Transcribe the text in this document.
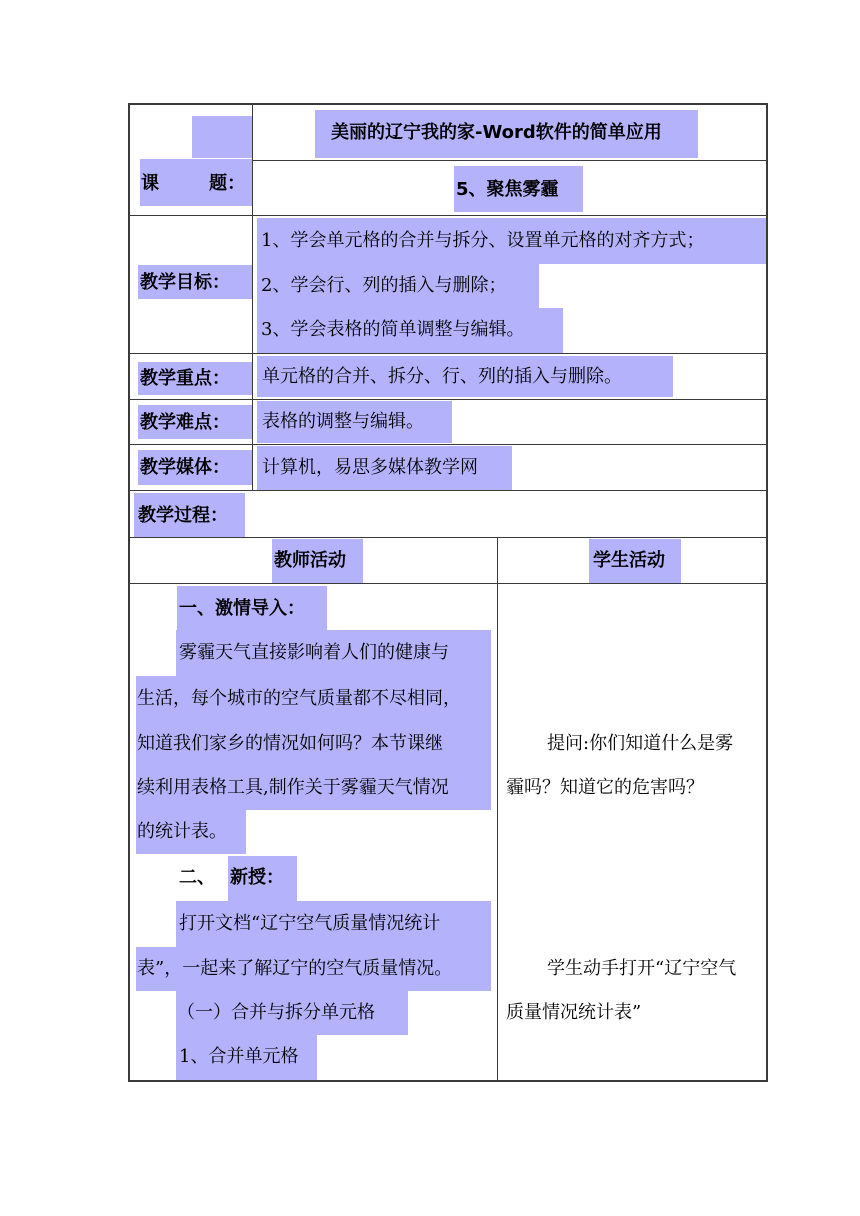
课        题：
美丽的辽宁我的家-Word软件的简单应用
5、聚焦雾霾
教学目标：
1、学会单元格的合并与拆分、设置单元格的对齐方式；
2、学会行、列的插入与删除；
3、学会表格的简单调整与编辑。
教学重点： 单元格的合并、拆分、行、列的插入与删除。
教学难点： 表格的调整与编辑。
教学媒体： 计算机，易思多媒体教学网
教学过程：
教师活动	学生活动
一、激情导入：
雾霾天气直接影响着人们的健康与
生活，每个城市的空气质量都不尽相同，
知道我们家乡的情况如何吗？本节课继
续利用表格工具,制作关于雾霾天气情况
的统计表。
二、 新授：
打开文档“辽宁空气质量情况统计
表”，一起来了解辽宁的空气质量情况。
（一）合并与拆分单元格
1、合并单元格
提问:你们知道什么是雾
霾吗？知道它的危害吗？
学生动手打开“辽宁空气
质量情况统计表”
